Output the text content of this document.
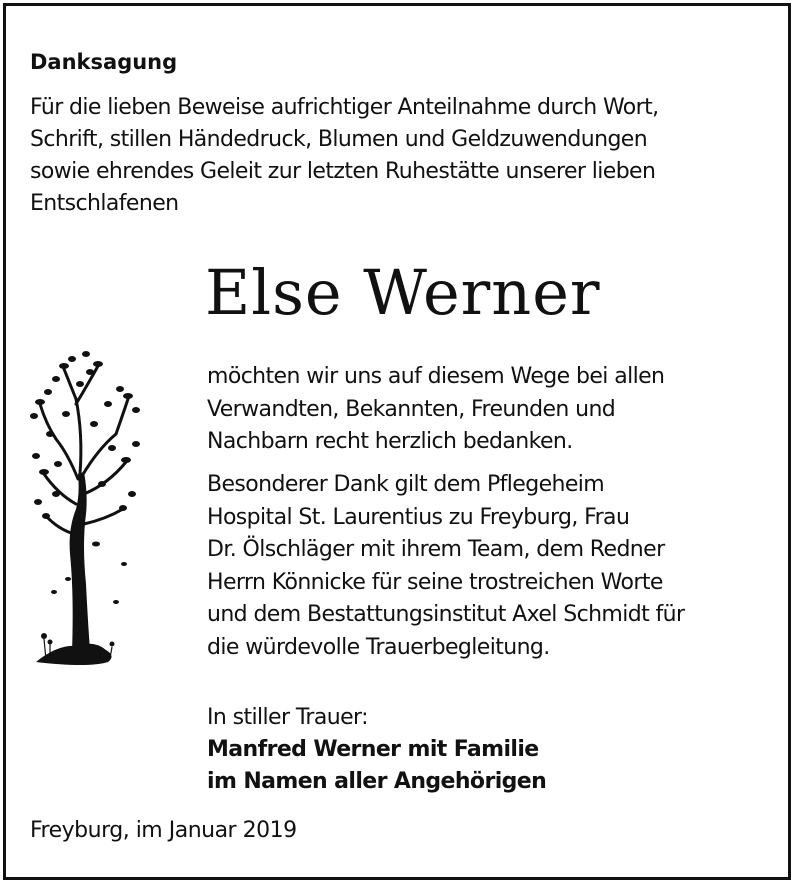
Danksagung
Für die lieben Beweise aufrichtiger Anteilnahme durch Wort,
Schrift, stillen Händedruck, Blumen und Geldzuwendungen
sowie ehrendes Geleit zur letzten Ruhestätte unserer lieben
Entschlafenen
Else Werner
möchten wir uns auf diesem Wege bei allen
Verwandten, Bekannten, Freunden und
Nachbarn recht herzlich bedanken.
Besonderer Dank gilt dem Pflegeheim
Hospital St. Laurentius zu Freyburg, Frau
Dr. Ölschläger mit ihrem Team, dem Redner
Herrn Könnicke für seine trostreichen Worte
und dem Bestattungsinstitut Axel Schmidt für
die würdevolle Trauerbegleitung.
In stiller Trauer:
Manfred Werner mit Familie
im Namen aller Angehörigen
Freyburg, im Januar 2019
